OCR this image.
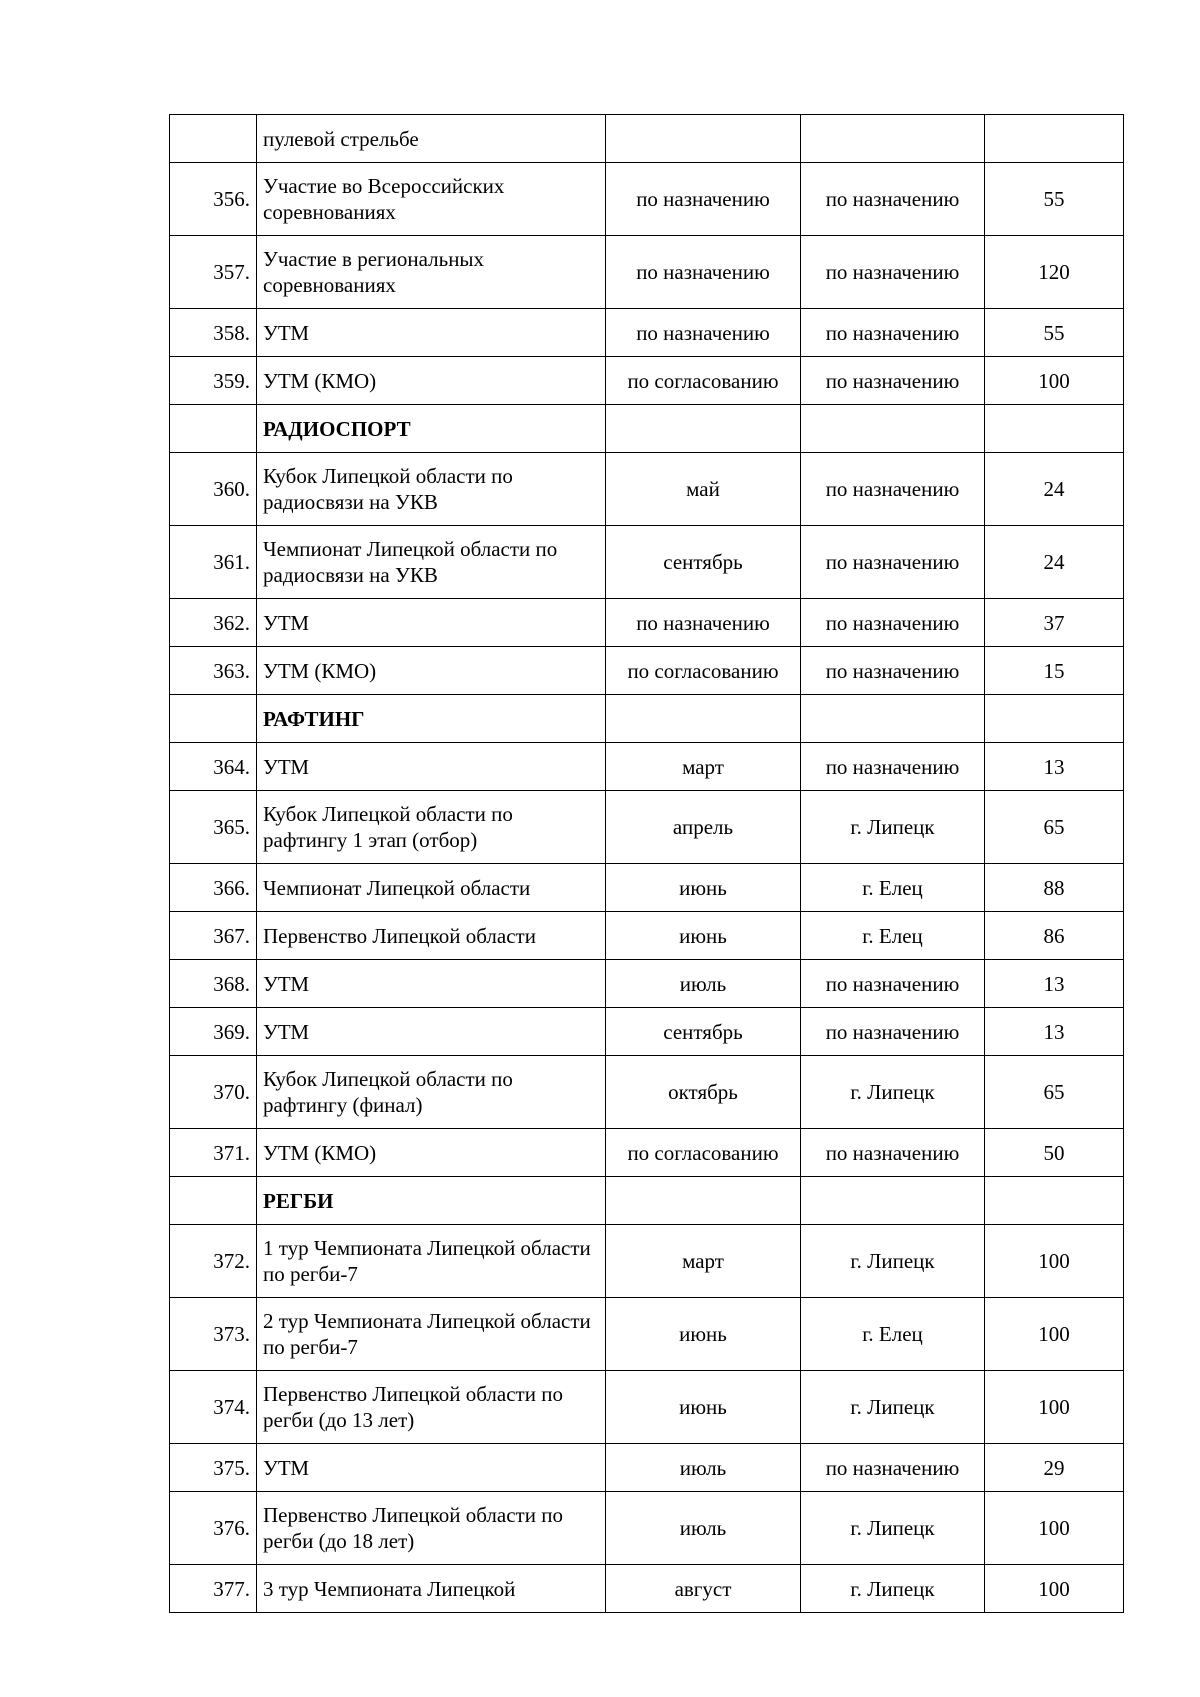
	пулевой стрельбе			
356.	Участие во Всероссийских соревнованиях	по назначению	по назначению	55
357.	Участие в региональных соревнованиях	по назначению	по назначению	120
358.	УТМ	по назначению	по назначению	55
359.	УТМ (КМО)	по согласованию	по назначению	100
	РАДИОСПОРТ			
360.	Кубок Липецкой области по радиосвязи на УКВ	май	по назначению	24
361.	Чемпионат Липецкой области по радиосвязи на УКВ	сентябрь	по назначению	24
362.	УТМ	по назначению	по назначению	37
363.	УТМ (КМО)	по согласованию	по назначению	15
	РАФТИНГ			
364.	УТМ	март	по назначению	13
365.	Кубок Липецкой области по рафтингу 1 этап (отбор)	апрель	г. Липецк	65
366.	Чемпионат Липецкой области	июнь	г. Елец	88
367.	Первенство Липецкой области	июнь	г. Елец	86
368.	УТМ	июль	по назначению	13
369.	УТМ	сентябрь	по назначению	13
370.	Кубок Липецкой области по рафтингу (финал)	октябрь	г. Липецк	65
371.	УТМ (КМО)	по согласованию	по назначению	50
	РЕГБИ			
372.	1 тур Чемпионата Липецкой области по регби-7	март	г. Липецк	100
373.	2 тур Чемпионата Липецкой области по регби-7	июнь	г. Елец	100
374.	Первенство Липецкой области по регби (до 13 лет)	июнь	г. Липецк	100
375.	УТМ	июль	по назначению	29
376.	Первенство Липецкой области по регби (до 18 лет)	июль	г. Липецк	100
377.	3 тур Чемпионата Липецкой	август	г. Липецк	100
